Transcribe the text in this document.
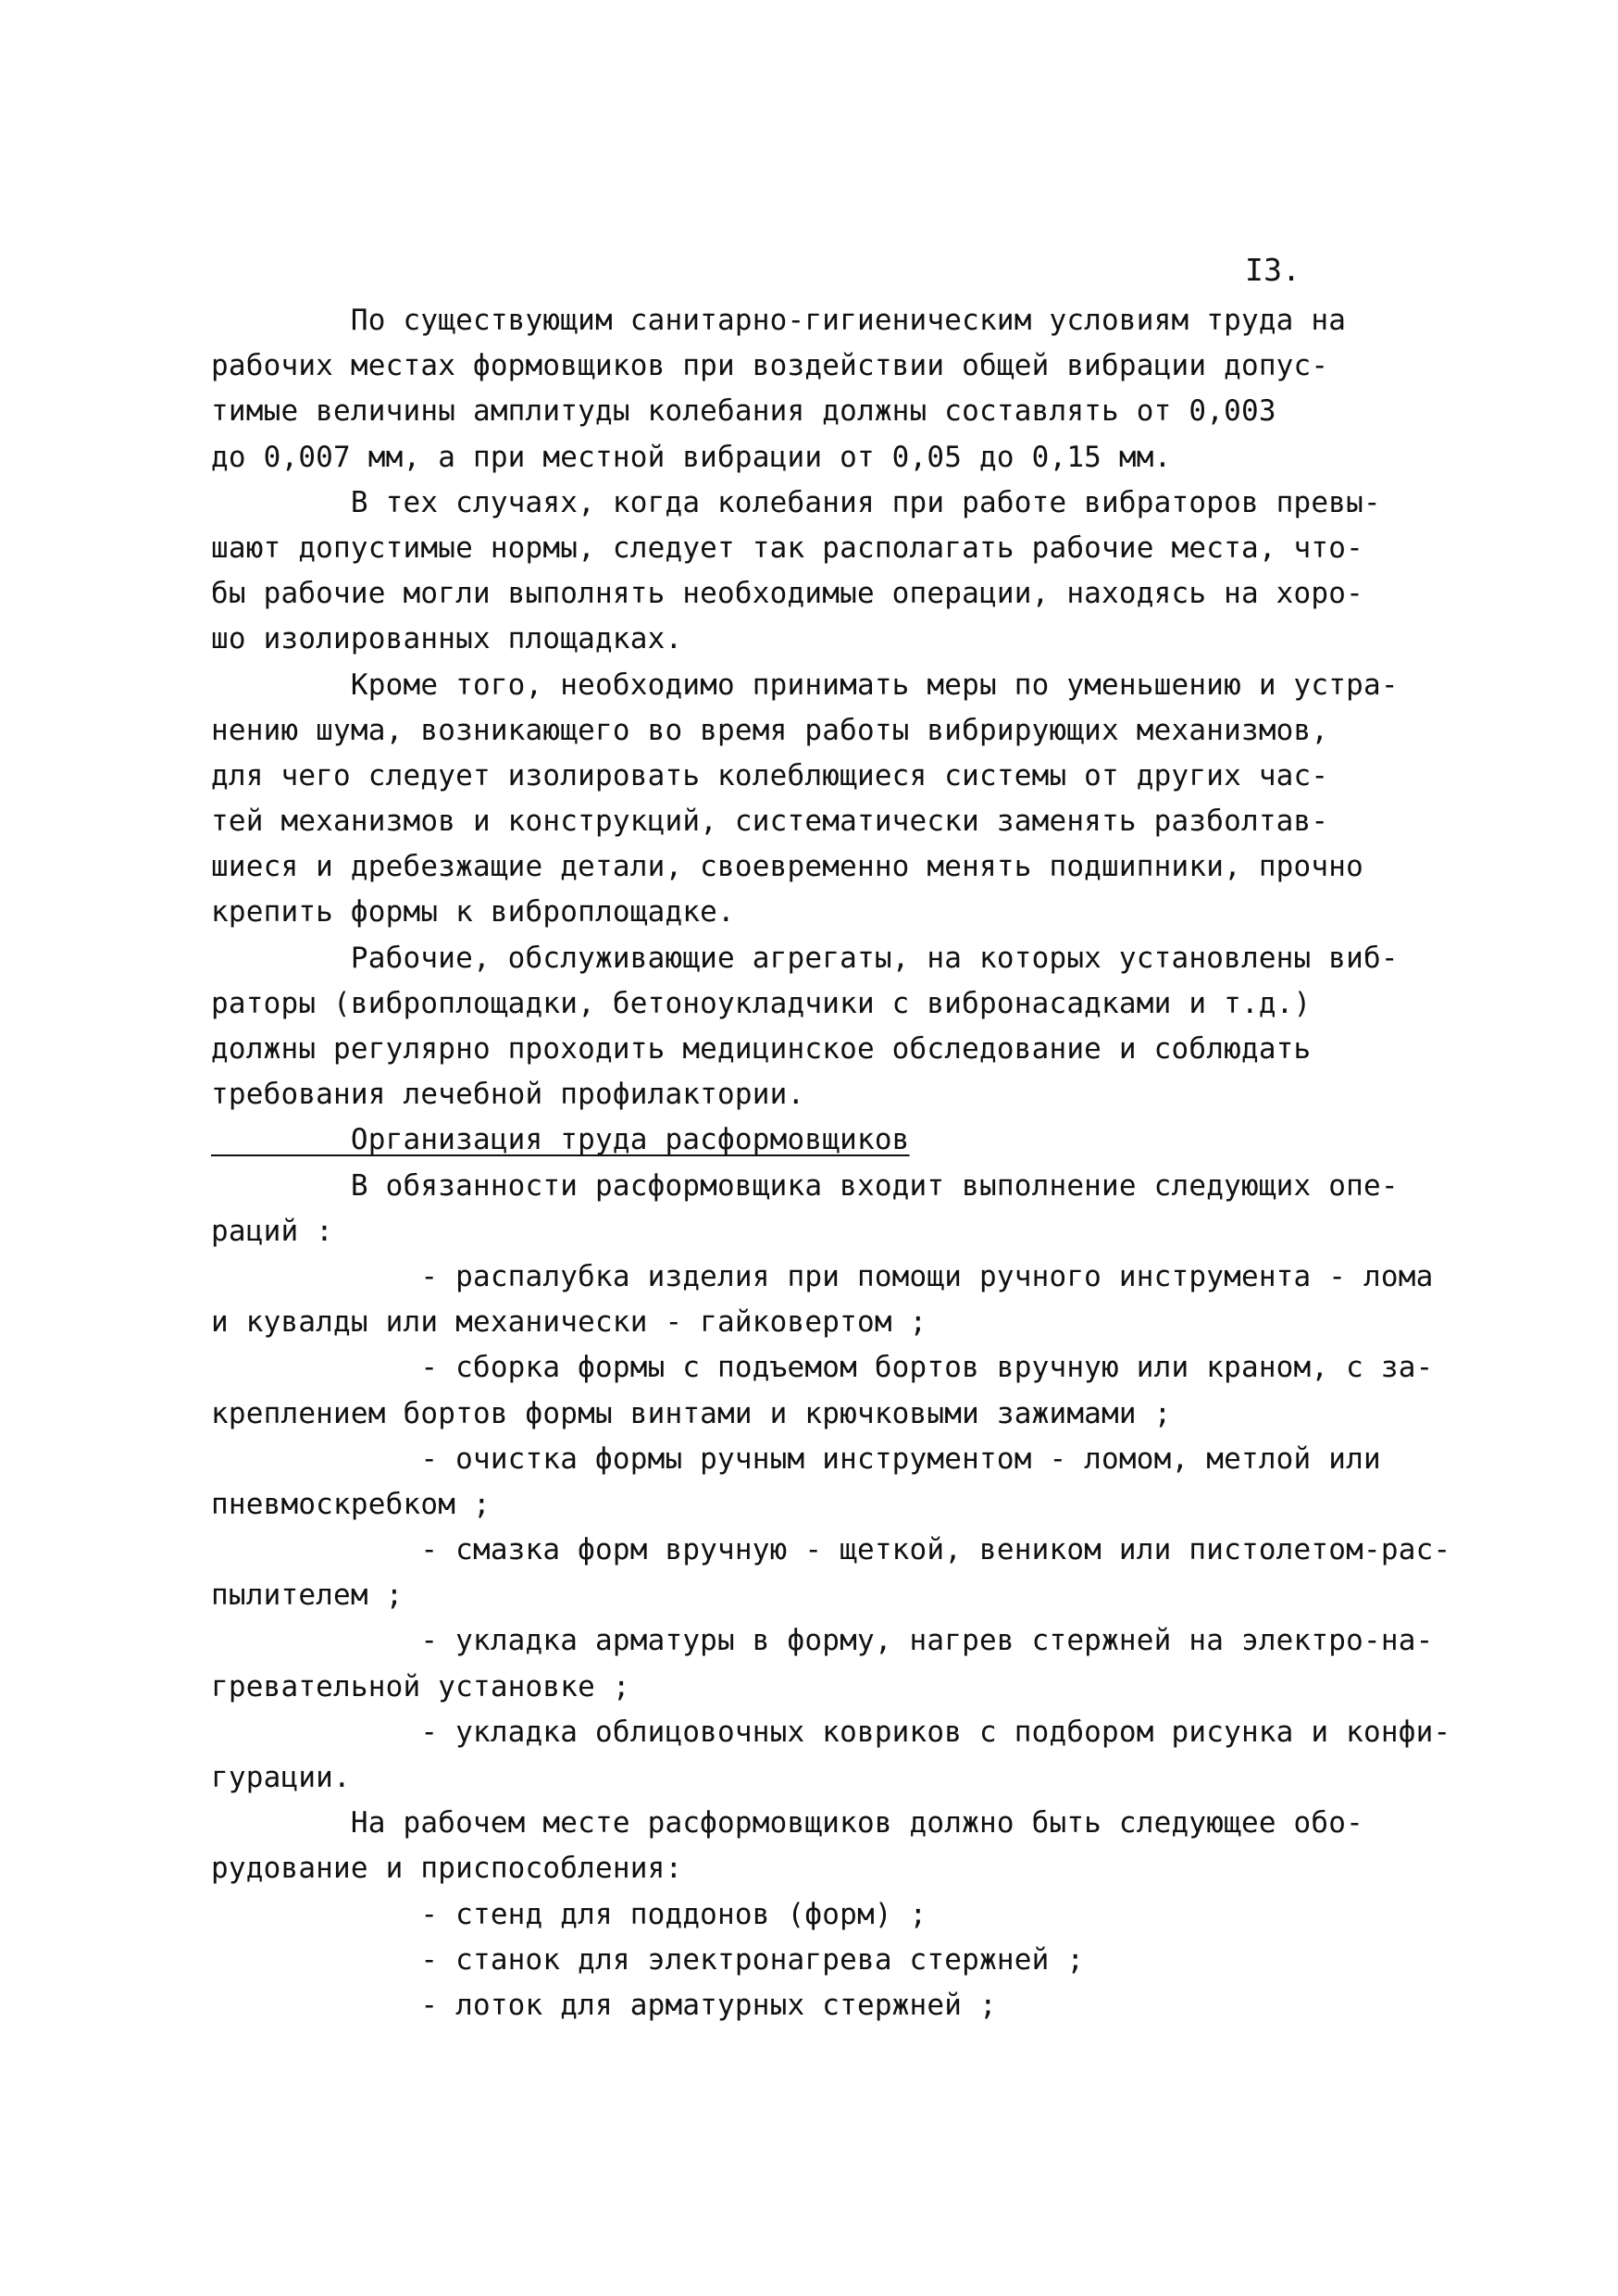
I3.
По существующим санитарно-гигиеническим условиям труда на
рабочих местах формовщиков при воздействии общей вибрации допус-
тимые величины амплитуды колебания должны составлять от 0,003
до 0,007 мм, а при местной вибрации от 0,05 до 0,15 мм.
В тех случаях, когда колебания при работе вибраторов превы-
шают допустимые нормы, следует так располагать рабочие места, что-
бы рабочие могли выполнять необходимые операции, находясь на хоро-
шо изолированных площадках.
Кроме того, необходимо принимать меры по уменьшению и устра-
нению шума, возникающего во время работы вибрирующих механизмов,
для чего следует изолировать колеблющиеся системы от других час-
тей механизмов и конструкций, систематически заменять разболтав-
шиеся и дребезжащие детали, своевременно менять подшипники, прочно
крепить формы к виброплощадке.
Рабочие, обслуживающие агрегаты, на которых установлены виб-
раторы (виброплощадки, бетоноукладчики с вибронасадками и т.д.)
должны регулярно проходить медицинское обследование и соблюдать
требования лечебной профилактории.
Организация труда расформовщиков
В обязанности расформовщика входит выполнение следующих опе-
раций :
- распалубка изделия при помощи ручного инструмента - лома
и кувалды или механически - гайковертом ;
- сборка формы с подъемом бортов вручную или краном, с за-
креплением бортов формы винтами и крючковыми зажимами ;
- очистка формы ручным инструментом - ломом, метлой или
пневмоскребком ;
- смазка форм вручную - щеткой, веником или пистолетом-рас-
пылителем ;
- укладка арматуры в форму, нагрев стержней на электро-на-
гревательной установке ;
- укладка облицовочных ковриков с подбором рисунка и конфи-
гурации.
На рабочем месте расформовщиков должно быть следующее обо-
рудование и приспособления:
- стенд для поддонов (форм) ;
- станок для электронагрева стержней ;
- лоток для арматурных стержней ;
